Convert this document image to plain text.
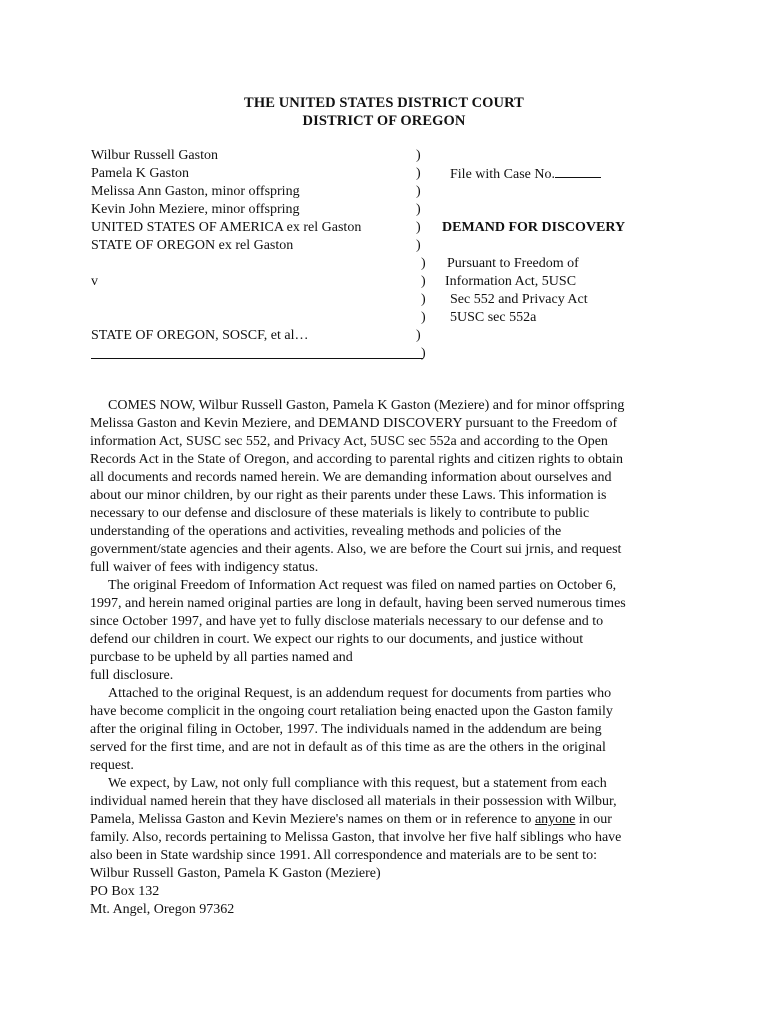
THE UNITED STATES DISTRICT COURT
DISTRICT OF OREGON
Wilbur Russell Gaston
Pamela K Gaston
Melissa Ann Gaston, minor offspring
Kevin John Meziere, minor offspring
UNITED STATES OF AMERICA ex rel Gaston
STATE OF OREGON ex rel Gaston
v
STATE OF OREGON, SOSCF, et al…
)
)
)
)
)
)
)
)
)
)
)
)
File with Case No.
DEMAND FOR DISCOVERY
Pursuant to Freedom of
Information Act, 5USC
Sec 552 and Privacy Act
5USC sec 552a
COMES NOW, Wilbur Russell Gaston, Pamela K Gaston (Meziere) and for minor offspring
Melissa Gaston and Kevin Meziere, and DEMAND DISCOVERY pursuant to the Freedom of
information Act, SUSC sec 552, and Privacy Act, 5USC sec 552a and according to the Open
Records Act in the State of Oregon, and according to parental rights and citizen rights to obtain
all documents and records named herein. We are demanding information about ourselves and
about our minor children, by our right as their parents under these Laws. This information is
necessary to our defense and disclosure of these materials is likely to contribute to public
understanding of the operations and activities, revealing methods and policies of the
government/state agencies and their agents. Also, we are before the Court sui jrnis, and request
full waiver of fees with indigency status.
The original Freedom of Information Act request was filed on named parties on October 6,
1997, and herein named original parties are long in default, having been served numerous times
since October 1997, and have yet to fully disclose materials necessary to our defense and to
defend our children in court. We expect our rights to our documents, and justice without
purcbase to be upheld by all parties named and
full disclosure.
Attached to the original Request, is an addendum request for documents from parties who
have become complicit in the ongoing court retaliation being enacted upon the Gaston family
after the original filing in October, 1997. The individuals named in the addendum are being
served for the first time, and are not in default as of this time as are the others in the original
request.
We expect, by Law, not only full compliance with this request, but a statement from each
individual named herein that they have disclosed all materials in their possession with Wilbur,
Pamela, Melissa Gaston and Kevin Meziere's names on them or in reference to anyone in our
family. Also, records pertaining to Melissa Gaston, that involve her five half siblings who have
also been in State wardship since 1991. All correspondence and materials are to be sent to:
Wilbur Russell Gaston, Pamela K Gaston (Meziere)
PO Box 132
Mt. Angel, Oregon 97362
